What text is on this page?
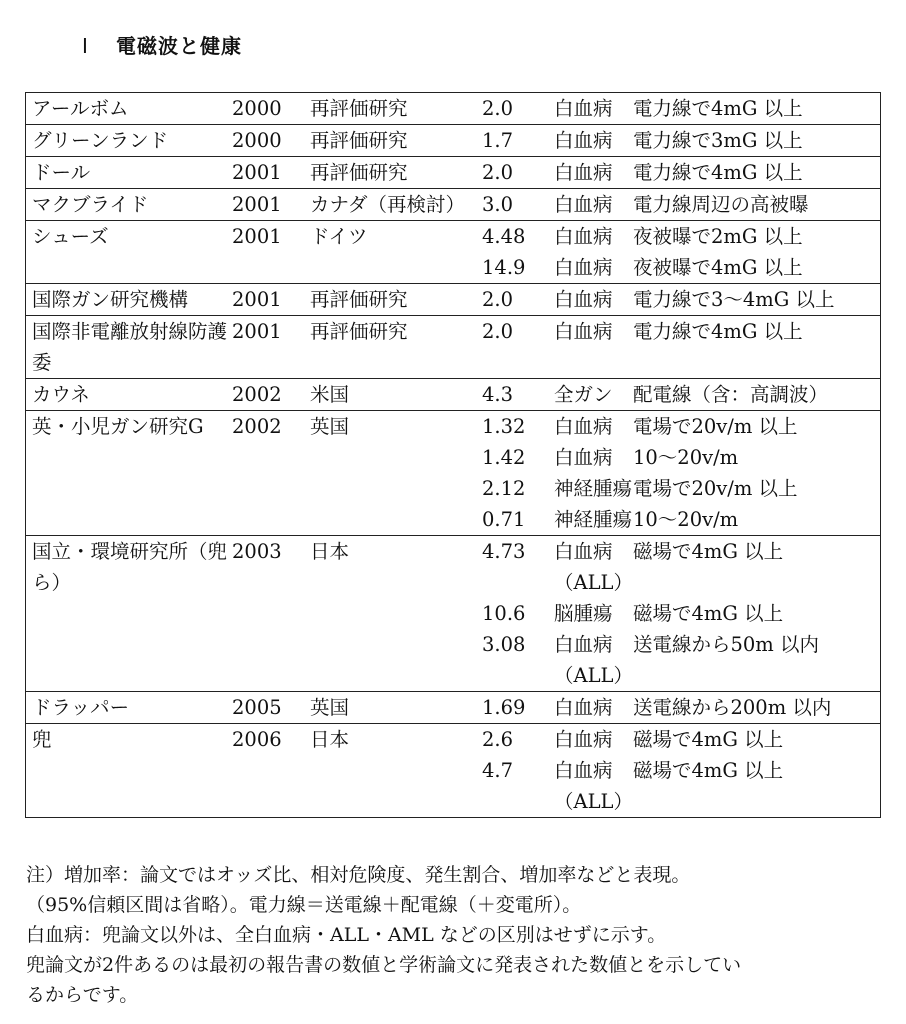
Ⅰ 電磁波と健康
アールボム	2000	再評価研究	2.0	白血病	電力線で4mG 以上
グリーンランド	2000	再評価研究	1.7	白血病	電力線で3mG 以上
ドール	2001	再評価研究	2.0	白血病	電力線で4mG 以上
マクブライド	2001	カナダ（再検討）	3.0	白血病	電力線周辺の高被曝
シューズ	2001	ドイツ	4.48	白血病	夜被曝で2mG 以上
			14.9	白血病	夜被曝で4mG 以上
国際ガン研究機構	2001	再評価研究	2.0	白血病	電力線で3～4mG 以上
国際非電離放射線防護委	2001	再評価研究	2.0	白血病	電力線で4mG 以上
カウネ	2002	米国	4.3	全ガン	配電線（含：高調波）
英・小児ガン研究G	2002	英国	1.32	白血病	電場で20v/m 以上
			1.42	白血病	10～20v/m
			2.12	神経腫瘍	電場で20v/m 以上
			0.71	神経腫瘍	10～20v/m
国立・環境研究所（兜ら）	2003	日本	4.73	白血病（ALL）	磁場で4mG 以上
			10.6	脳腫瘍	磁場で4mG 以上
			3.08	白血病（ALL）	送電線から50m 以内
ドラッパー	2005	英国	1.69	白血病	送電線から200m 以内
兜	2006	日本	2.6	白血病	磁場で4mG 以上
			4.7	白血病（ALL）	磁場で4mG 以上

注）増加率：論文ではオッズ比、相対危険度、発生割合、増加率などと表現。

（95%信頼区間は省略）。電力線＝送電線＋配電線（＋変電所）。

白血病：兜論文以外は、全白血病・ALL・AML などの区別はせずに示す。

兜論文が2件あるのは最初の報告書の数値と学術論文に発表された数値とを示してい

るからです。
